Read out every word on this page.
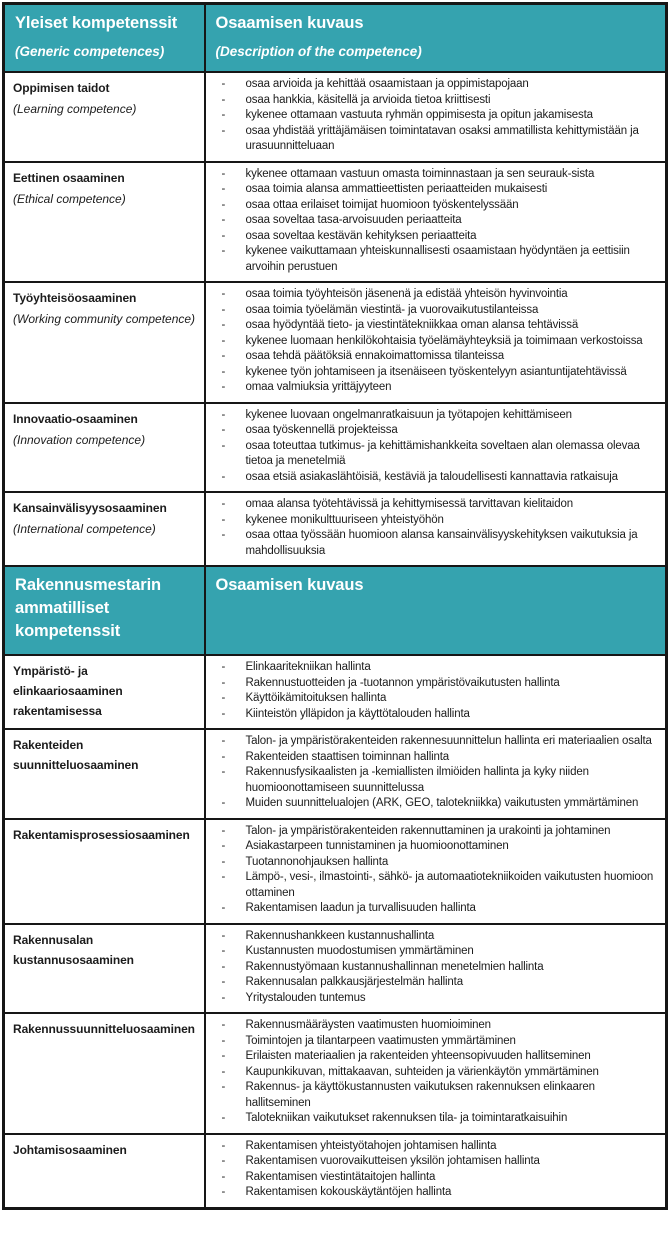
Yleiset kompetenssit
(Generic competences)

Osaamisen kuvaus
(Description of the competence)

Oppimisen taidot
(Learning competence)

- osaa arvioida ja kehittää osaamistaan ja oppimistapojaan
- osaa hankkia, käsitellä ja arvioida tietoa kriittisesti
- kykenee ottamaan vastuuta ryhmän oppimisesta ja opitun jakamisesta
- osaa yhdistää yrittäjämäisen toimintatavan osaksi ammatillista kehittymistään ja urasuunnitteluaan

Eettinen osaaminen
(Ethical competence)

- kykenee ottamaan vastuun omasta toiminnastaan ja sen seurauk-sista
- osaa toimia alansa ammattieettisten periaatteiden mukaisesti
- osaa ottaa erilaiset toimijat huomioon työskentelyssään
- osaa soveltaa tasa-arvoisuuden periaatteita
- osaa soveltaa kestävän kehityksen periaatteita
- kykenee vaikuttamaan yhteiskunnallisesti osaamistaan hyödyntäen ja eettisiin arvoihin perustuen

Työyhteisöosaaminen
(Working community competence)

- osaa toimia työyhteisön jäsenenä ja edistää yhteisön hyvinvointia
- osaa toimia työelämän viestintä- ja vuorovaikutustilanteissa
- osaa hyödyntää tieto- ja viestintätekniikkaa oman alansa tehtävissä
- kykenee luomaan henkilökohtaisia työelämäyhteyksiä ja toimimaan verkostoissa
- osaa tehdä päätöksiä ennakoimattomissa tilanteissa
- kykenee työn johtamiseen ja itsenäiseen työskentelyyn asiantuntijatehtävissä
- omaa valmiuksia yrittäjyyteen

Innovaatio-osaaminen
(Innovation competence)

- kykenee luovaan ongelmanratkaisuun ja työtapojen kehittämiseen
- osaa työskennellä projekteissa
- osaa toteuttaa tutkimus- ja kehittämishankkeita soveltaen alan olemassa olevaa tietoa ja menetelmiä
- osaa etsiä asiakaslähtöisiä, kestäviä ja taloudellisesti kannattavia ratkaisuja

Kansainvälisyysosaaminen
(International competence)

- omaa alansa työtehtävissä ja kehittymisessä tarvittavan kielitaidon
- kykenee monikulttuuriseen yhteistyöhön
- osaa ottaa työssään huomioon alansa kansainvälisyyskehityksen vaikutuksia ja mahdollisuuksia

Rakennusmestarin ammatilliset kompetenssit	Osaamisen kuvaus

Ympäristö- ja elinkaariosaaminen rakentamisessa

- Elinkaaritekniikan hallinta
- Rakennustuotteiden ja -tuotannon ympäristövaikutusten hallinta
- Käyttöikämitoituksen hallinta
- Kiinteistön ylläpidon ja käyttötalouden hallinta

Rakenteiden suunnitteluosaaminen

- Talon- ja ympäristörakenteiden rakennesuunnittelun hallinta eri materiaalien osalta
- Rakenteiden staattisen toiminnan hallinta
- Rakennusfysikaalisten ja -kemiallisten ilmiöiden hallinta ja kyky niiden huomioonottamiseen suunnittelussa
- Muiden suunnittelualojen (ARK, GEO, talotekniikka) vaikutusten ymmärtäminen

Rakentamisprosessiosaaminen	- Talon- ja ympäristörakenteiden rakennuttaminen ja urakointi ja johtaminen
- Asiakastarpeen tunnistaminen ja huomioonottaminen
- Tuotannonohjauksen hallinta
- Lämpö-, vesi-, ilmastointi-, sähkö- ja automaatiotekniikoiden vaikutusten huomioon ottaminen
- Rakentamisen laadun ja turvallisuuden hallinta

Rakennusalan kustannusosaaminen

- Rakennushankkeen kustannushallinta
- Kustannusten muodostumisen ymmärtäminen
- Rakennustyömaan kustannushallinnan menetelmien hallinta
- Rakennusalan palkkausjärjestelmän hallinta
- Yritystalouden tuntemus

Rakennussuunnitteluosaaminen	- Rakennusmääräysten vaatimusten huomioiminen
- Toimintojen ja tilantarpeen vaatimusten ymmärtäminen
- Erilaisten materiaalien ja rakenteiden yhteensopivuuden hallitseminen
- Kaupunkikuvan, mittakaavan, suhteiden ja värienkäytön ymmärtäminen
- Rakennus- ja käyttökustannusten vaikutuksen rakennuksen elinkaaren hallitseminen
- Talotekniikan vaikutukset rakennuksen tila- ja toimintaratkaisuihin

Johtamisosaaminen	- Rakentamisen yhteistyötahojen johtamisen hallinta
- Rakentamisen vuorovaikutteisen yksilön johtamisen hallinta
- Rakentamisen viestintätaitojen hallinta
- Rakentamisen kokouskäytäntöjen hallinta
